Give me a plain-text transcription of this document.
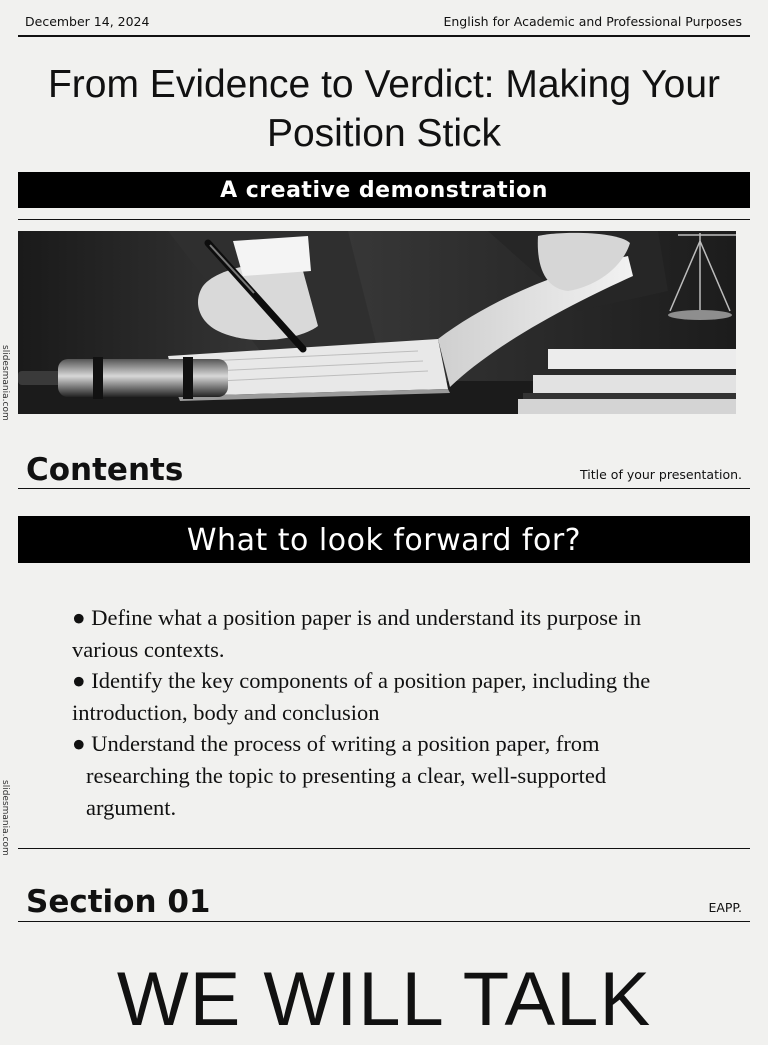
December 14, 2024	English for Academic and Professional Purposes
From Evidence to Verdict: Making Your
Position Stick
A creative demonstration
slidesmania.com
slidesmania.com
Contents	Title of your presentation.
What to look forward for?

● Define what a position paper is and understand its purpose in various contexts.

● Identify the key components of a position paper, including the introduction, body and conclusion

● Understand the process of writing a position paper, from researching the topic to presenting a clear, well-supported argument.

Section 01	EAPP.
WE WILL TALK
